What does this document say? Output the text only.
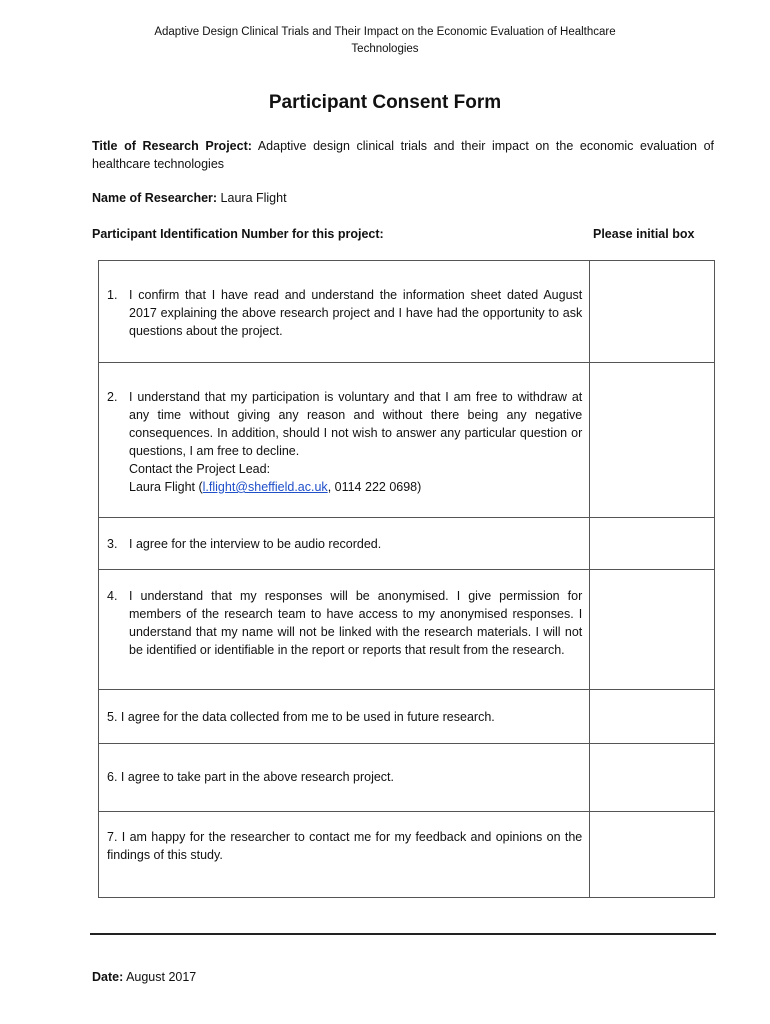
Adaptive Design Clinical Trials and Their Impact on the Economic Evaluation of Healthcare
Technologies
Participant Consent Form
Title of Research Project: Adaptive design clinical trials and their impact on the economic evaluation of healthcare technologies
Name of Researcher: Laura Flight
Participant Identification Number for this project:	Please initial box
1. I confirm that I have read and understand the information sheet dated August 2017 explaining the above research project and I have had the opportunity to ask questions about the project.	

2. I understand that my participation is voluntary and that I am free to withdraw at any time without giving any reason and without there being any negative consequences. In addition, should I not wish to answer any particular question or questions, I am free to decline.
Contact the Project Lead:
Laura Flight (l.flight@sheffield.ac.uk, 0114 222 0698)	

3. I agree for the interview to be audio recorded.	

4. I understand that my responses will be anonymised. I give permission for members of the research team to have access to my anonymised responses. I understand that my name will not be linked with the research materials. I will not be identified or identifiable in the report or reports that result from the research.	

5. I agree for the data collected from me to be used in future research.	

6. I agree to take part in the above research project.	

7. I am happy for the researcher to contact me for my feedback and opinions on the findings of this study.	

Date: August 2017
